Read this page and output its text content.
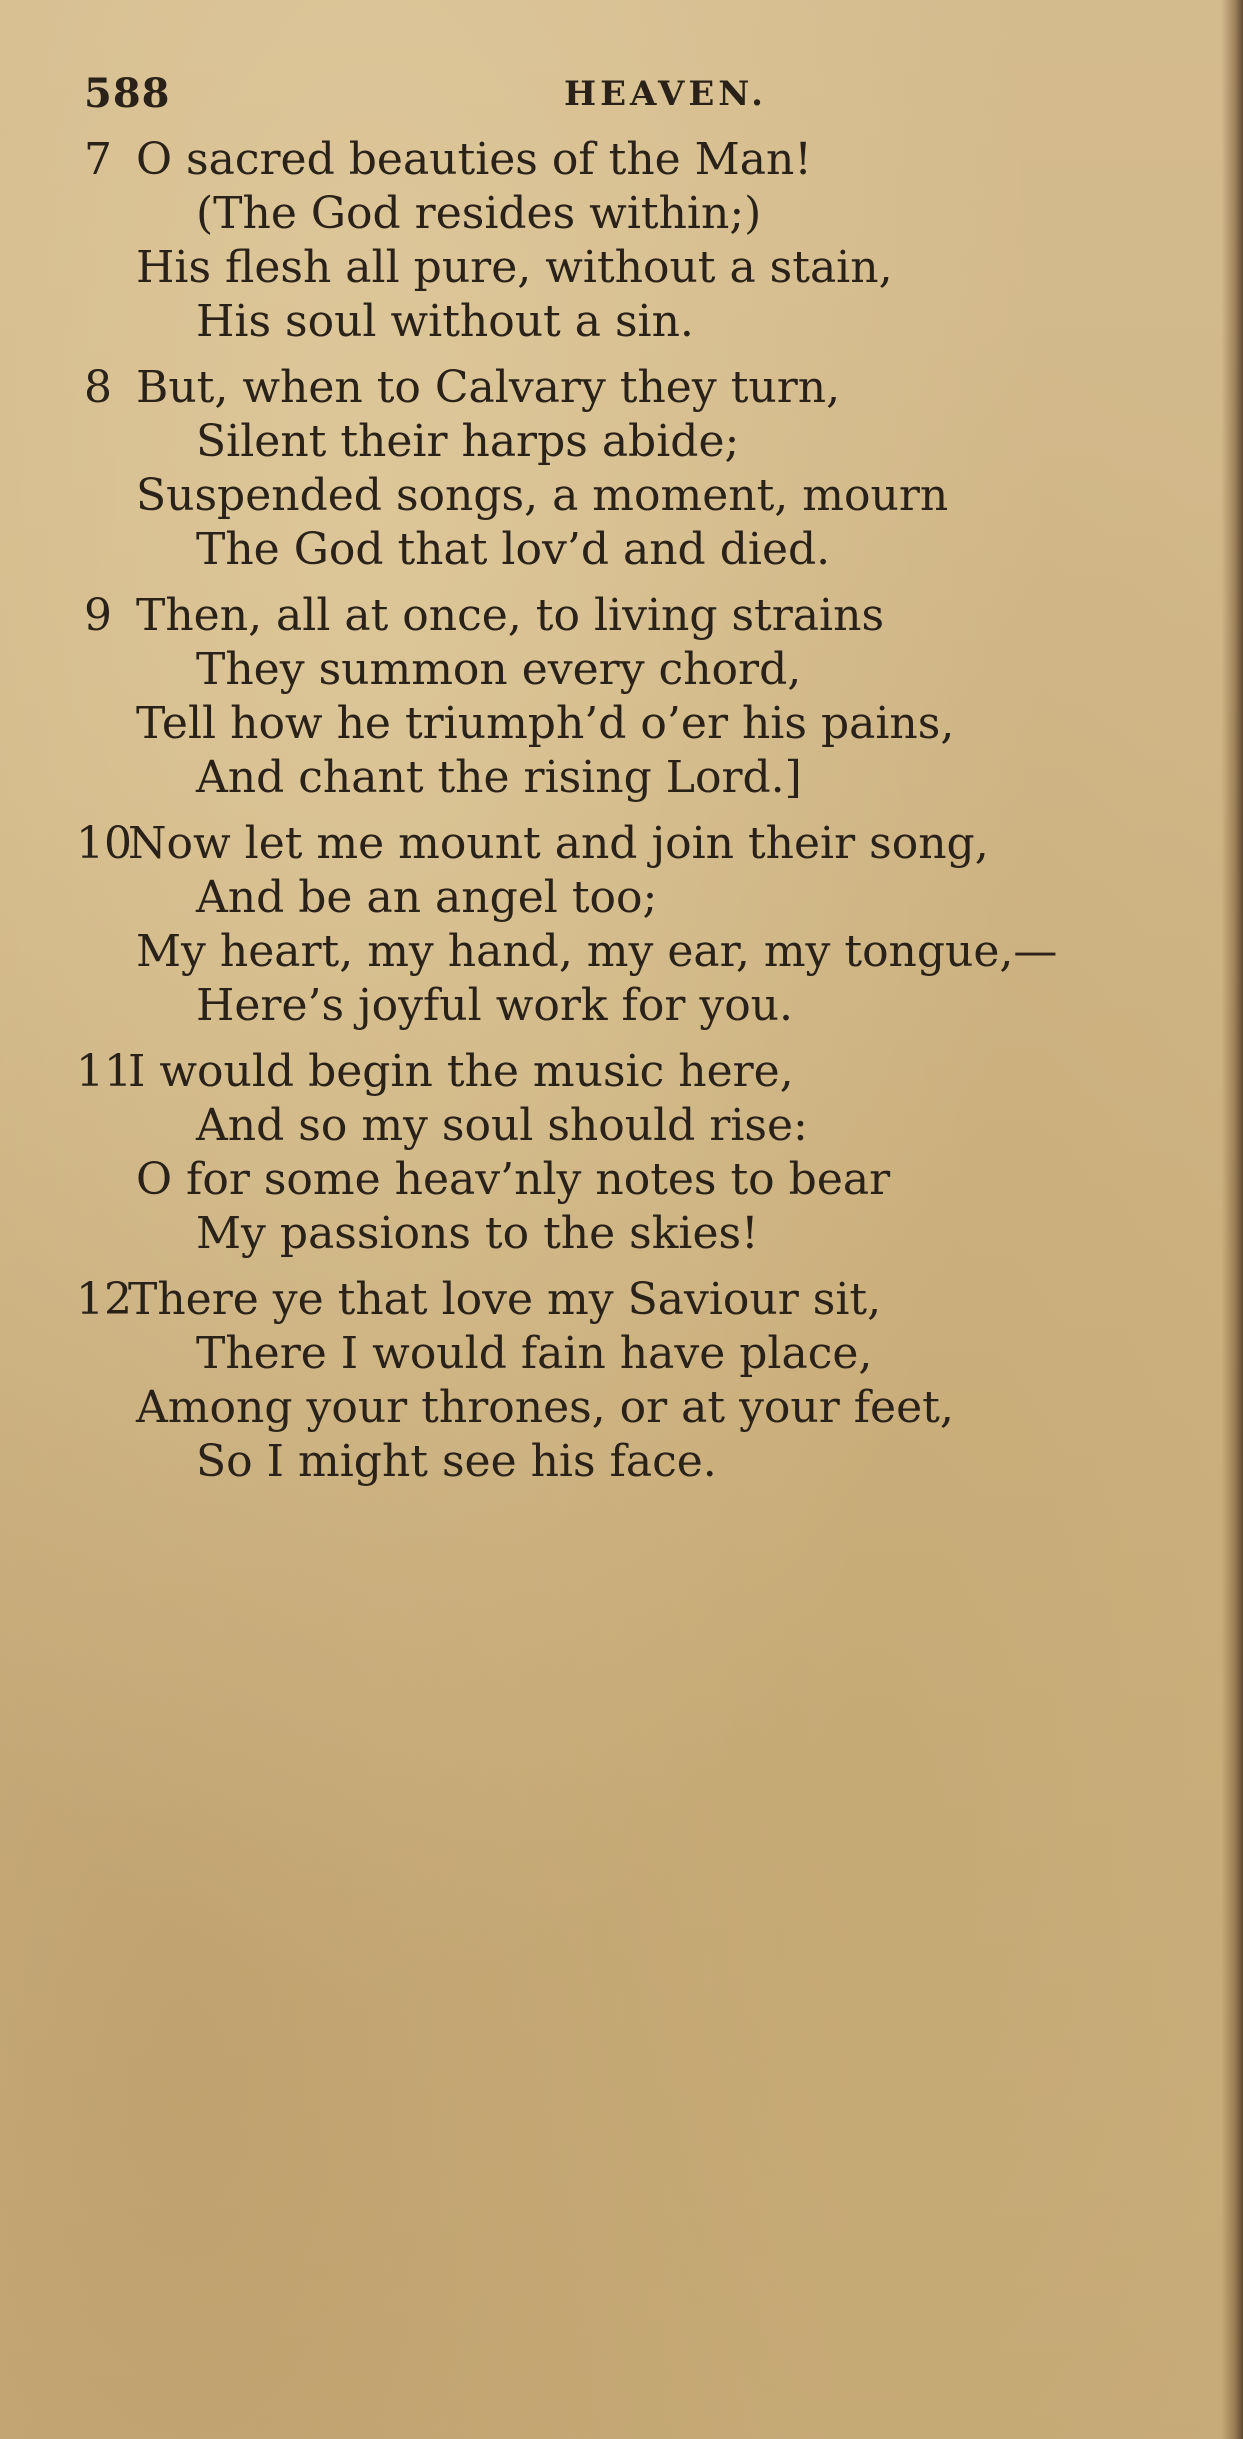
588	HEAVEN.
7 O sacred beauties of the Man!
(The God resides within;)
His flesh all pure, without a stain,
His soul without a sin.
8 But, when to Calvary they turn,
Silent their harps abide;
Suspended songs, a moment, mourn
The God that lov’d and died.
9 Then, all at once, to living strains
They summon every chord,
Tell how he triumph’d o’er his pains,
And chant the rising Lord.]
10Now let me mount and join their song,
And be an angel too;
My heart, my hand, my ear, my tongue,—
Here’s joyful work for you.
11I would begin the music here,
And so my soul should rise:
O for some heav’nly notes to bear
My passions to the skies!
12There ye that love my Saviour sit,
There I would fain have place,
Among your thrones, or at your feet,
So I might see his face.
